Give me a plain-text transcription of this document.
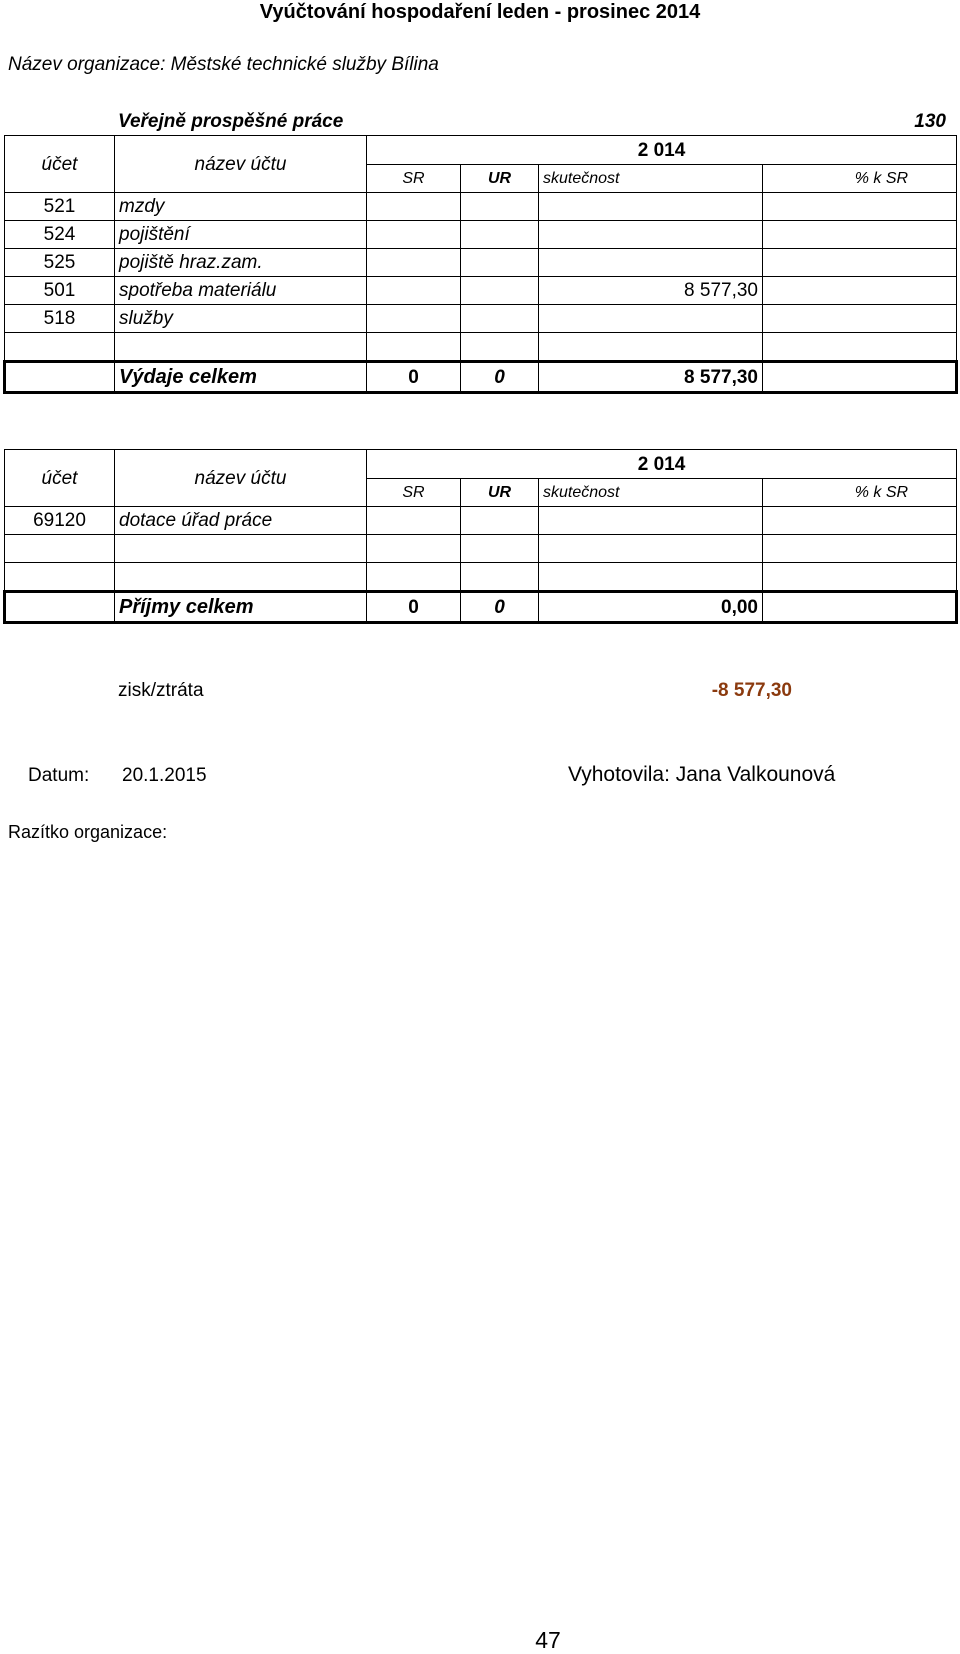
Vyúčtování hospodaření leden - prosinec 2014
Název organizace: Městské technické služby Bílina
Veřejně prospěšné práce	130
účet	název účtu	2 014			
		SR	UR	skutečnost	% k SR
521	mzdy				
524	pojištění				
525	pojiště hraz.zam.				
501	spotřeba materiálu			8 577,30	
518	služby				

	Výdaje celkem	0	0	8 577,30	
účet	název účtu	2 014			
		SR	UR	skutečnost	% k SR
69120	dotace úřad práce				

	Příjmy celkem	0	0	0,00	
zisk/ztráta	-8 577,30
Datum: 20.1.2015	Vyhotovila: Jana Valkounová
Razítko organizace:
47
